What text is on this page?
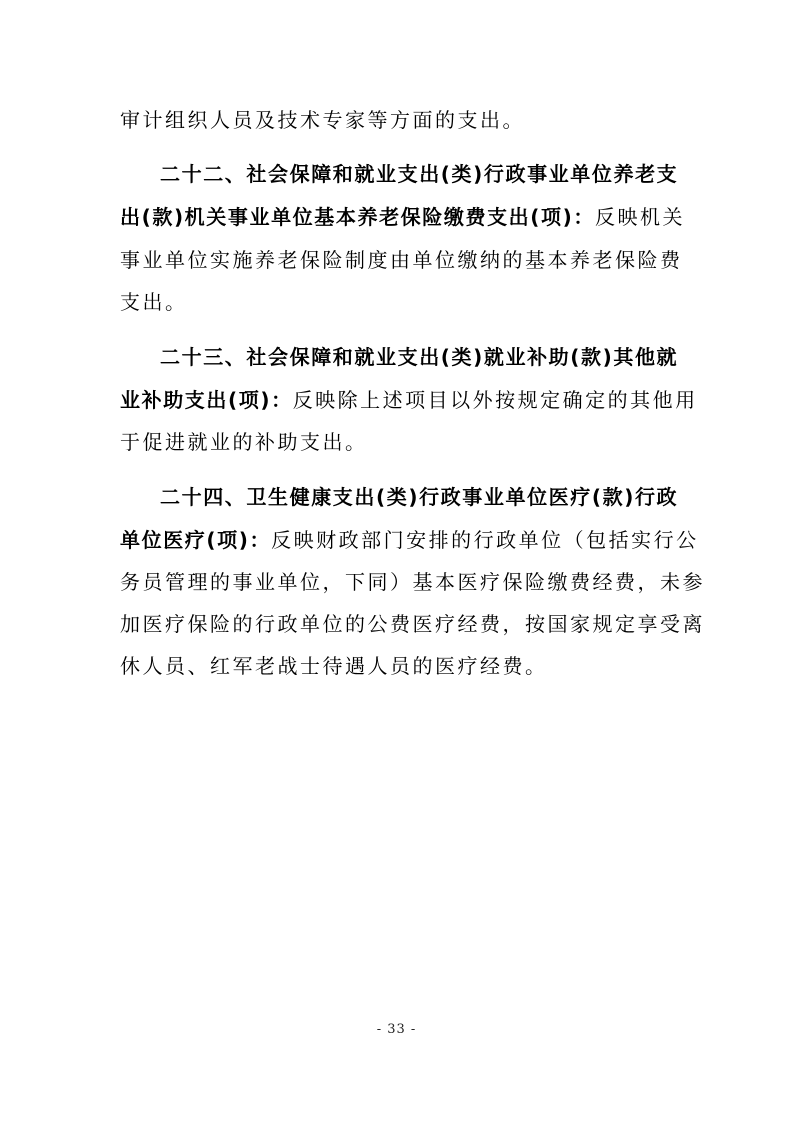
审计组织人员及技术专家等方面的支出。
二十二、社会保障和就业支出(类)行政事业单位养老支
出(款)机关事业单位基本养老保险缴费支出(项)：反映机关
事业单位实施养老保险制度由单位缴纳的基本养老保险费
支出。
二十三、社会保障和就业支出(类)就业补助(款)其他就
业补助支出(项)：反映除上述项目以外按规定确定的其他用
于促进就业的补助支出。
二十四、卫生健康支出(类)行政事业单位医疗(款)行政
单位医疗(项)：反映财政部门安排的行政单位（包括实行公
务员管理的事业单位，下同）基本医疗保险缴费经费，未参
加医疗保险的行政单位的公费医疗经费，按国家规定享受离
休人员、红军老战士待遇人员的医疗经费。
- 33 -
